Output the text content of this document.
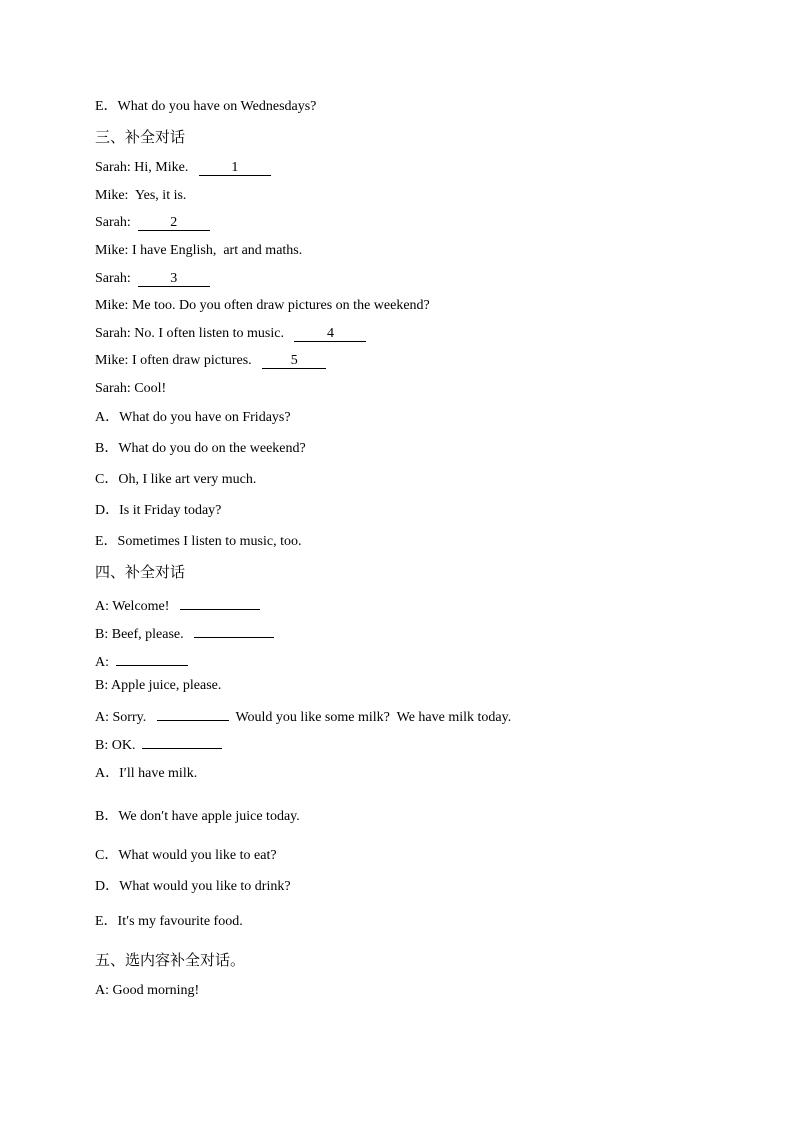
E．What do you have on Wednesdays?
三、补全对话
Sarah: Hi, Mike.	1
Mike: Yes, it is.
Sarah:	2
Mike: I have English,  art and maths.
Sarah:	3
Mike: Me too. Do you often draw pictures on the weekend?
Sarah: No. I often listen to music.	4
Mike: I often draw pictures.	5
Sarah: Cool!
A．What do you have on Fridays?
B．What do you do on the weekend?
C．Oh, I like art very much.
D．Is it Friday today?
E．Sometimes I listen to music, too.
四、补全对话
A: Welcome!
B: Beef, please.
A:
B: Apple juice, please.
A: Sorry.	Would you like some milk?  We have milk today.
B: OK.
A．I′ll have milk.
B．We don′t have apple juice today.
C．What would you like to eat?
D．What would you like to drink?
E．It′s my favourite food.
五、选内容补全对话。
A: Good morning!
